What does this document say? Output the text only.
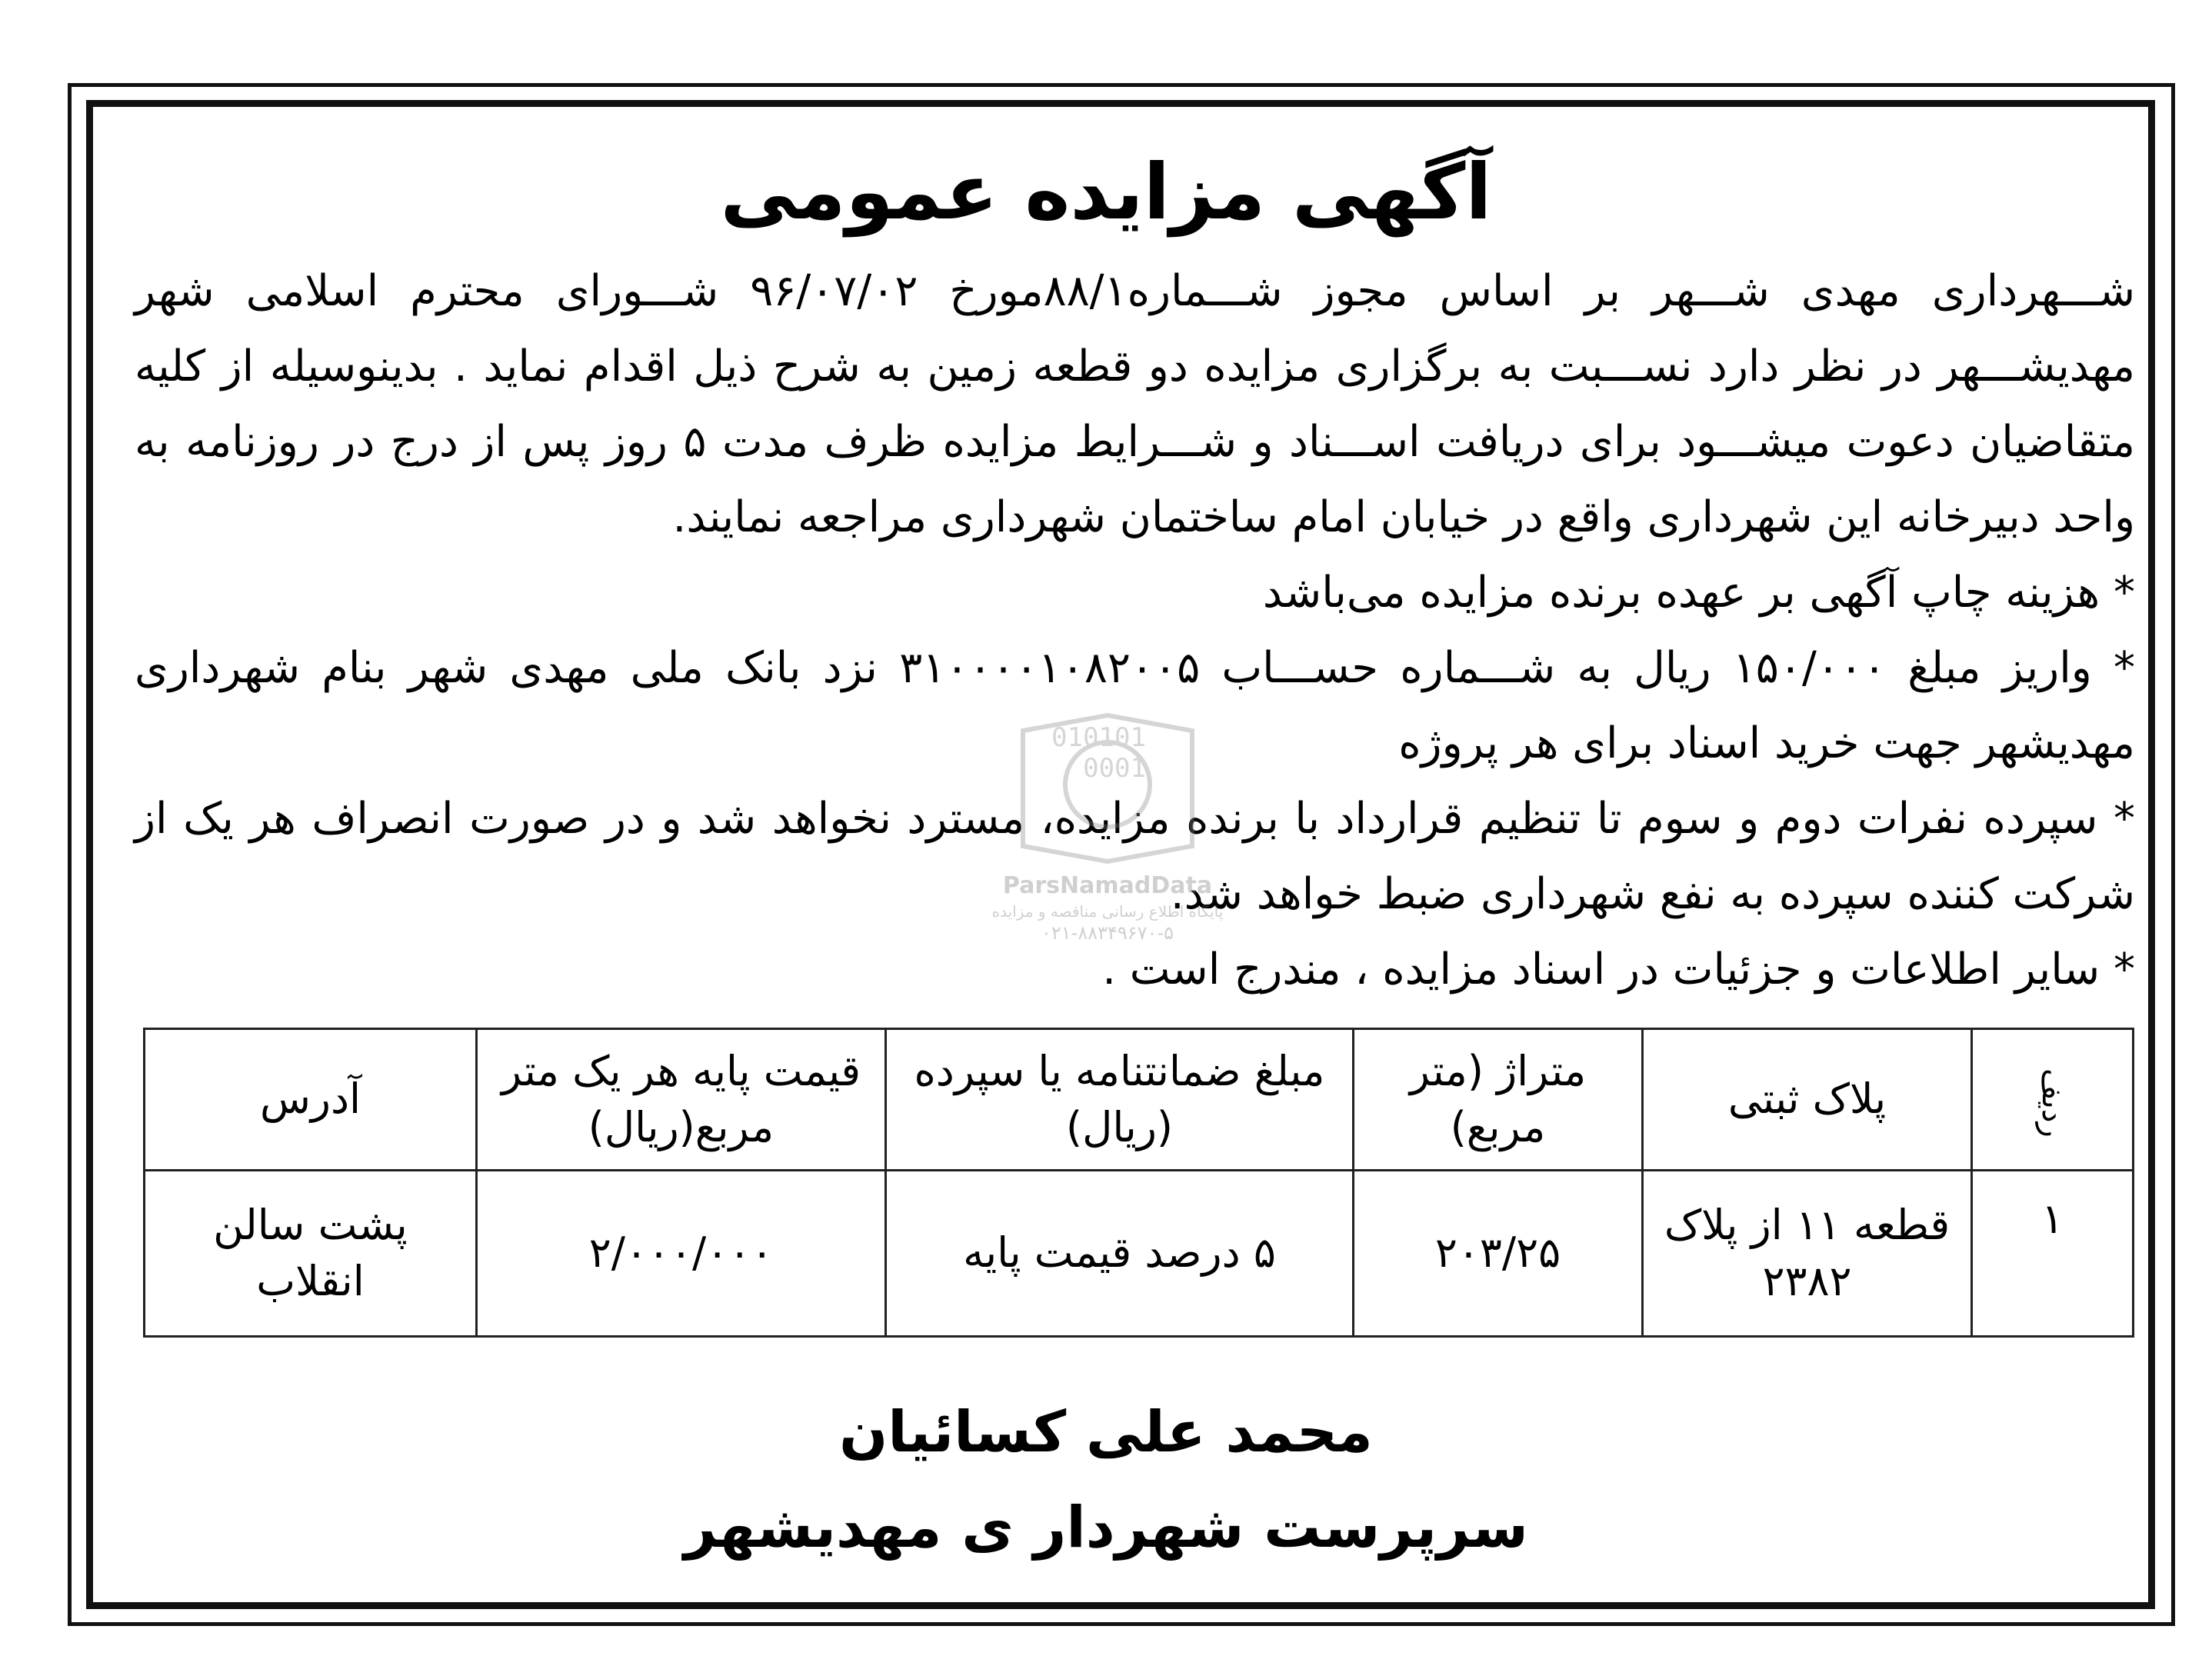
آگهی مزایده عمومی

شـــهرداری مهدی شـــهر بر اساس مجوز شـــماره۸۸/۱مورخ ۹۶/۰۷/۰۲ شـــورای محترم اسلامی شهر مهدیشـــهر در نظر دارد نســـبت به برگزاری مزایده دو قطعه زمین به شرح ذیل اقدام نماید . بدینوسیله از کلیه متقاضیان دعوت میشـــود برای دریافت اســـناد و شـــرایط مزایده ظرف مدت ۵ روز پس از درج در روزنامه به واحد دبیرخانه این شهرداری واقع در خیابان امام ساختمان شهرداری مراجعه نمایند.

* هزینه چاپ آگهی بر عهده برنده مزایده می‌باشد

* واریز مبلغ ۱۵۰/۰۰۰ ریال به شـــماره حســـاب ۳۱۰۰۰۰۱۰۸۲۰۰۵ نزد بانک ملی مهدی شهر بنام شهرداری مهدیشهر جهت خرید اسناد برای هر پروژه

* سپرده نفرات دوم و سوم تا تنظیم قرارداد با برنده مزایده، مسترد نخواهد شد و در صورت انصراف هر یک از شرکت کننده سپرده به نفع شهرداری ضبط خواهد شد.

* سایر اطلاعات و جزئیات در اسناد مزایده ، مندرج است .

010101
0001
ParsNamadData
پایگاه اطلاع رسانی مناقصه و مزایده
۰۲۱-۸۸۳۴۹۶۷۰-۵
ردیف	پلاک ثبتی	متراژ (متر مربع)	مبلغ ضمانتنامه یا سپرده (ریال)	قیمت پایه هر یک متر مربع(ریال)	آدرس
۱	قطعه ۱۱ از پلاک ۲۳۸۲	۲۰۳/۲۵	۵ درصد قیمت پایه	۲/۰۰۰/۰۰۰	پشت سالن انقلاب
محمد علی کسائیان
سرپرست شهردار ی مهدیشهر
